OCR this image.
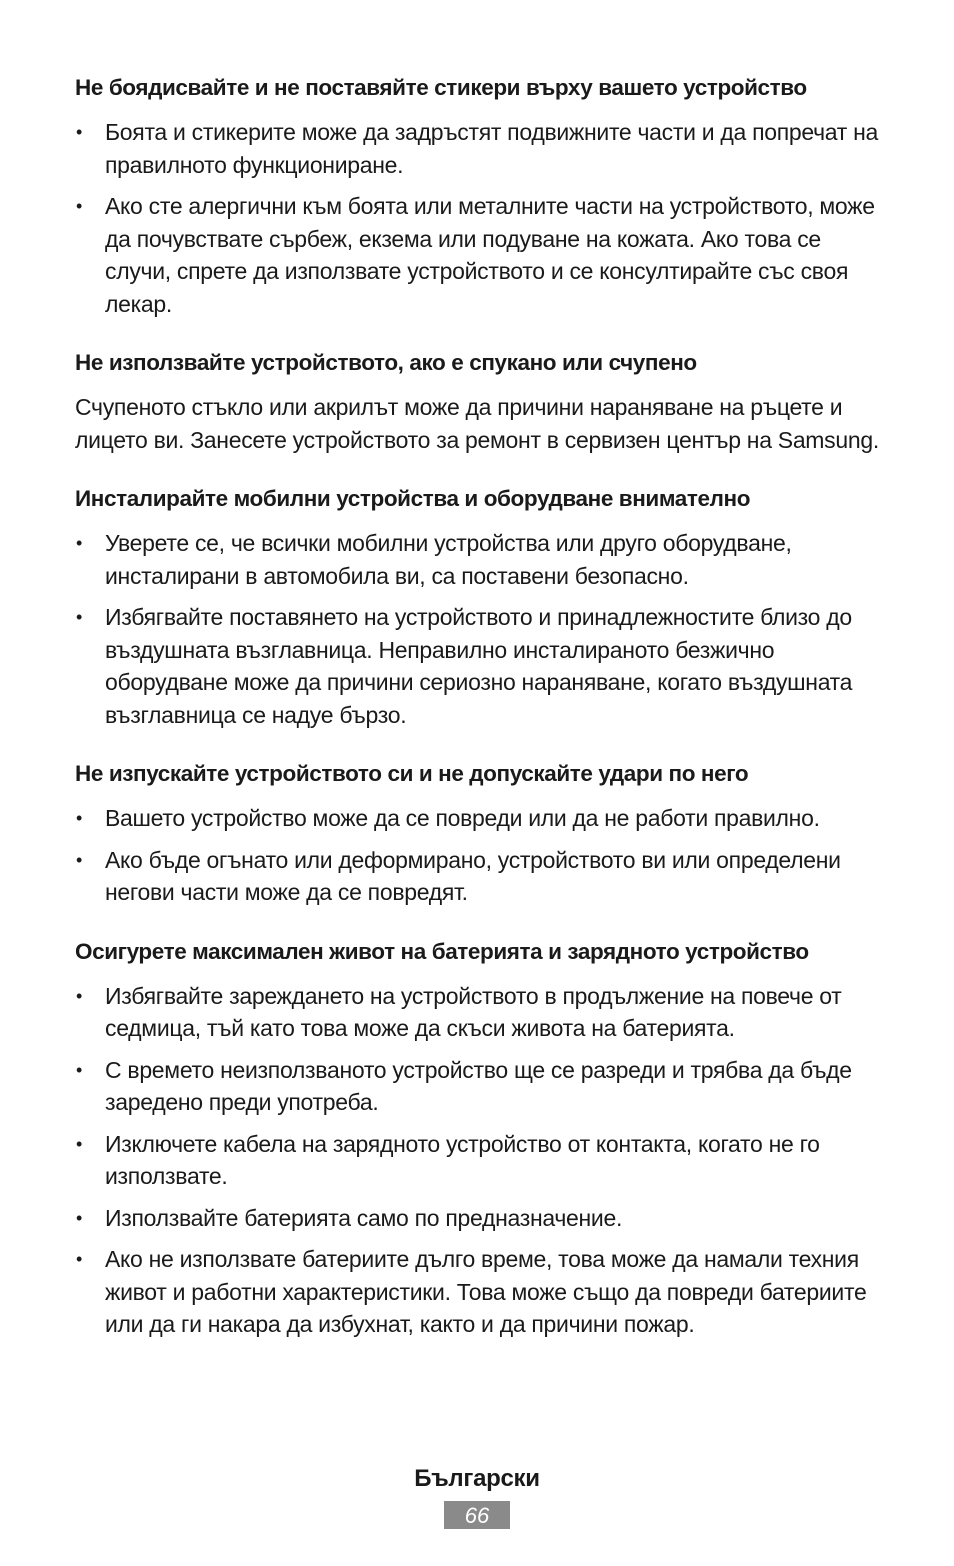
Не боядисвайте и не поставяйте стикери върху вашето устройство
• Боята и стикерите може да задръстят подвижните части и да попречат на правилното функциониране.
• Ако сте алергични към боята или металните части на устройството, може да почувствате сърбеж, екзема или подуване на кожата. Ако това се случи, спрете да използвате устройството и се консултирайте със своя лекар.
Не използвайте устройството, ако е спукано или счупено

Счупеното стъкло или акрилът може да причини нараняване на ръцете и лицето ви. Занесете устройството за ремонт в сервизен център на Samsung.

Инсталирайте мобилни устройства и оборудване внимателно
• Уверете се, че всички мобилни устройства или друго оборудване, инсталирани в автомобила ви, са поставени безопасно.
• Избягвайте поставянето на устройството и принадлежностите близо до въздушната възглавница. Неправилно инсталираното безжично оборудване може да причини сериозно нараняване, когато въздушната възглавница се надуе бързо.
Не изпускайте устройството си и не допускайте удари по него
• Вашето устройство може да се повреди или да не работи правилно.
• Ако бъде огънато или деформирано, устройството ви или определени негови части може да се повредят.
Осигурете максимален живот на батерията и зарядното устройство
• Избягвайте зареждането на устройството в продължение на повече от седмица, тъй като това може да скъси живота на батерията.
• С времето неизползваното устройство ще се разреди и трябва да бъде заредено преди употреба.
• Изключете кабела на зарядното устройство от контакта, когато не го използвате.
• Използвайте батерията само по предназначение.
• Ако не използвате батериите дълго време, това може да намали техния живот и работни характеристики. Това може също да повреди батериите или да ги накара да избухнат, както и да причини пожар.
Български
66
